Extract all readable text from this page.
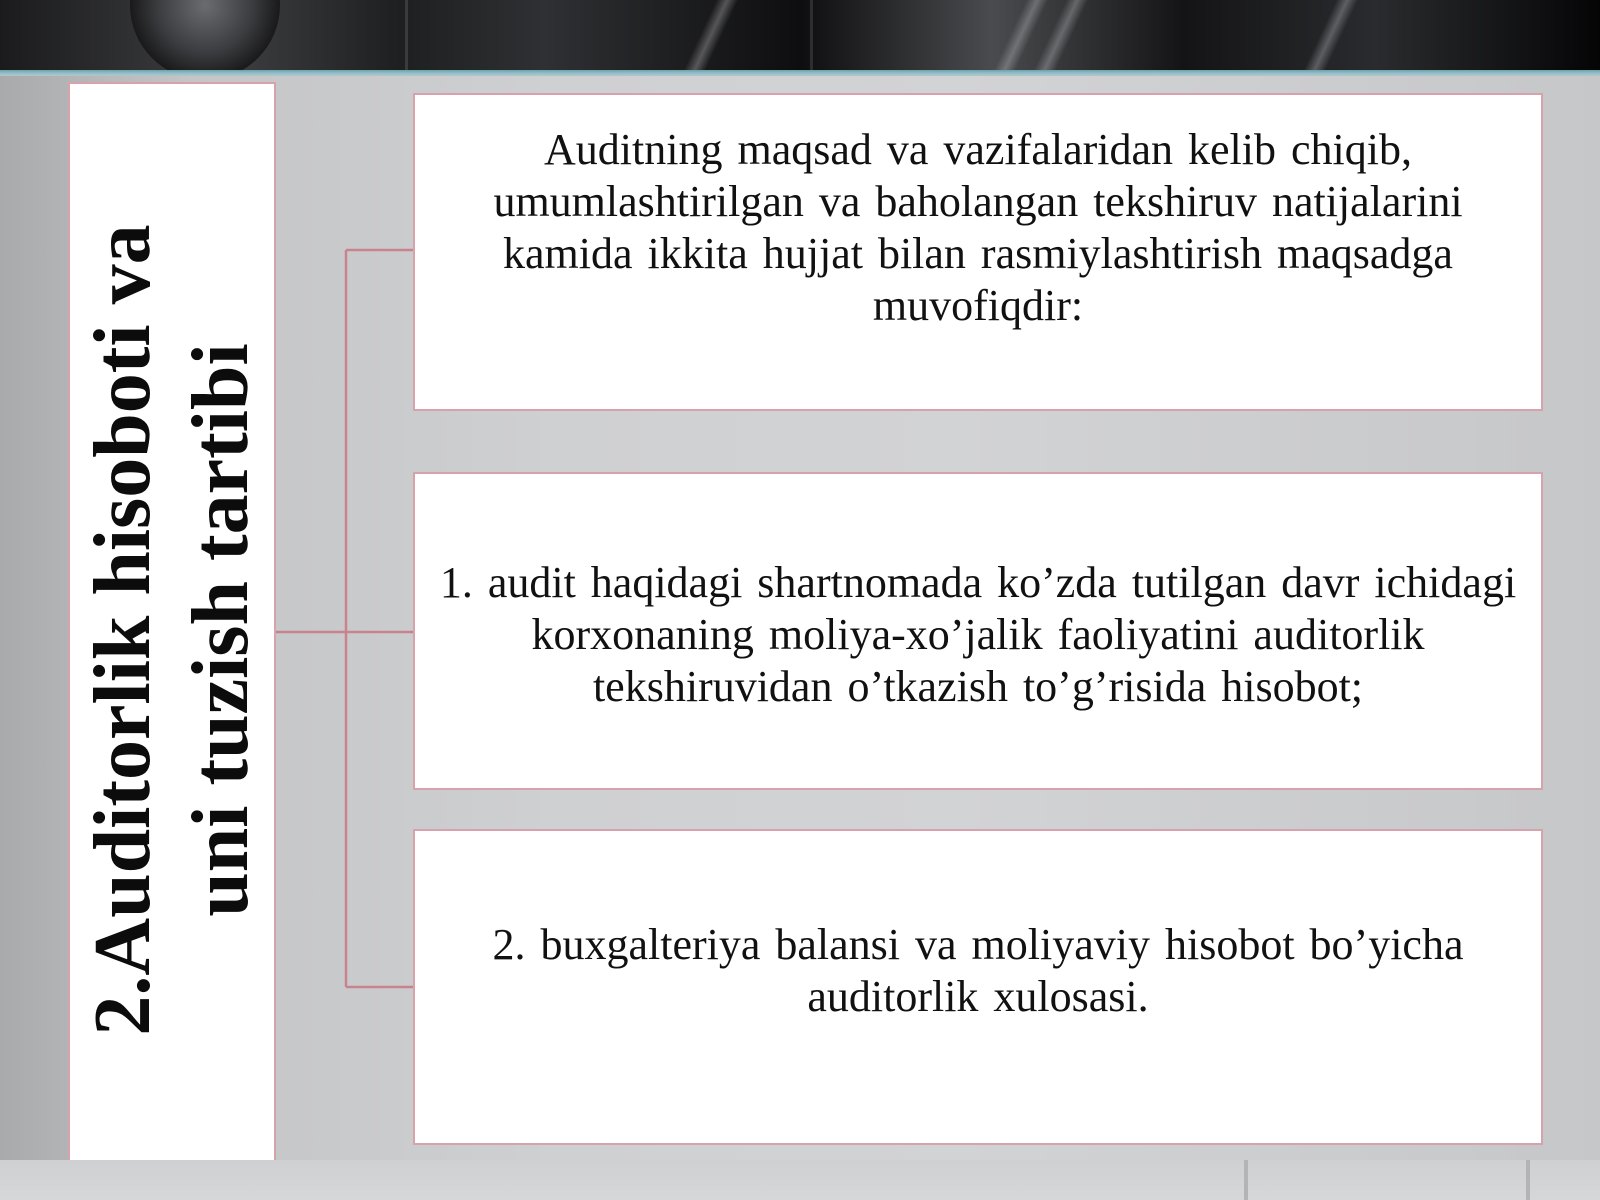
2.Auditorlik hisoboti va uni tuzish tartibi
Auditning maqsad va vazifalaridan kelib chiqib, umumlashtirilgan va baholangan tekshiruv natijalarini kamida ikkita hujjat bilan rasmiylashtirish maqsadga muvofiqdir:
1. audit haqidagi shartnomada ko’zda tutilgan davr ichidagi korxonaning moliya-xo’jalik faoliyatini auditorlik tekshiruvidan o’tkazish to’g’risida hisobot;
2. buxgalteriya balansi va moliyaviy hisobot bo’yicha auditorlik xulosasi.
